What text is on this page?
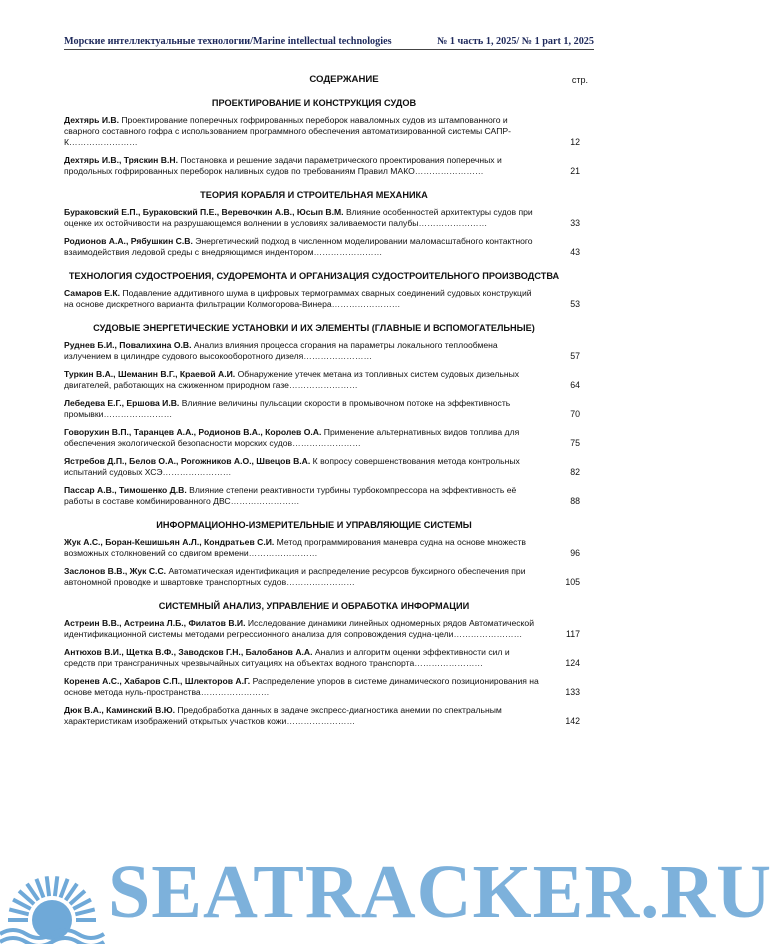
Морские интеллектуальные технологии/Marine intellectual technologies	№ 1 часть 1, 2025/ № 1 part 1, 2025
СОДЕРЖАНИЕ	стр.
ПРОЕКТИРОВАНИЕ И КОНСТРУКЦИЯ СУДОВ
Дехтярь И.В. Проектирование поперечных гофрированных переборок наваломных судов из штампованного и сварного составного гофра с использованием программного обеспечения автоматизированной системы САПР-К……………………	12
Дехтярь И.В., Тряскин В.Н. Постановка и решение задачи параметрического проектирования поперечных и продольных гофрированных переборок наливных судов по требованиям Правил МАКО……………………	21
ТЕОРИЯ КОРАБЛЯ И СТРОИТЕЛЬНАЯ МЕХАНИКА
Бураковский Е.П., Бураковский П.Е., Веревочкин А.В., Юсып В.М. Влияние особенностей архитектуры судов при оценке их остойчивости на разрушающемся волнении в условиях заливаемости палубы……………………	33
Родионов А.А., Рябушкин С.В. Энергетический подход в численном моделировании маломасштабного контактного взаимодействия ледовой среды с внедряющимся индентором……………………	43
ТЕХНОЛОГИЯ СУДОСТРОЕНИЯ, СУДОРЕМОНТА И ОРГАНИЗАЦИЯ СУДОСТРОИТЕЛЬНОГО ПРОИЗВОДСТВА
Самаров Е.К. Подавление аддитивного шума в цифровых термограммах сварных соединений судовых конструкций на основе дискретного варианта фильтрации Колмогорова-Винера……………………	53
СУДОВЫЕ ЭНЕРГЕТИЧЕСКИЕ УСТАНОВКИ И ИХ ЭЛЕМЕНТЫ (ГЛАВНЫЕ И ВСПОМОГАТЕЛЬНЫЕ)
Руднев Б.И., Повалихина О.В. Анализ влияния процесса сгорания на параметры локального теплообмена излучением в цилиндре судового высокооборотного дизеля……………………	57
Туркин В.А., Шеманин В.Г., Краевой А.И. Обнаружение утечек метана из топливных систем судовых дизельных двигателей, работающих на сжиженном природном газе……………………	64
Лебедева Е.Г., Ершова И.В. Влияние величины пульсации скорости в промывочном потоке на эффективность промывки……………………	70
Говорухин В.П., Таранцев А.А., Родионов В.А., Королев О.А. Применение альтернативных видов топлива для обеспечения экологической безопасности морских судов……………………	75
Ястребов Д.П., Белов О.А., Рогожников А.О., Швецов В.А. К вопросу совершенствования метода контрольных испытаний судовых ХСЭ……………………	82
Пассар А.В., Тимошенко Д.В. Влияние степени реактивности турбины турбокомпрессора на эффективность её работы в составе комбинированного ДВС……………………	88
ИНФОРМАЦИОННО-ИЗМЕРИТЕЛЬНЫЕ И УПРАВЛЯЮЩИЕ СИСТЕМЫ
Жук А.С., Боран-Кешишьян А.Л., Кондратьев С.И. Метод программирования маневра судна на основе множеств возможных столкновений со сдвигом времени……………………	96
Заслонов В.В., Жук С.С. Автоматическая идентификация и распределение ресурсов буксирного обеспечения при автономной проводке и швартовке транспортных судов……………………	105
СИСТЕМНЫЙ АНАЛИЗ, УПРАВЛЕНИЕ И ОБРАБОТКА ИНФОРМАЦИИ
Астреин В.В., Астреина Л.Б., Филатов В.И. Исследование динамики линейных одномерных рядов Автоматической идентификационной системы методами регрессионного анализа для сопровождения судна-цели……………………	117
Антюхов В.И., Щетка В.Ф., Заводсков Г.Н., Балобанов А.А. Анализ и алгоритм оценки эффективности сил и средств при трансграничных чрезвычайных ситуациях на объектах водного транспорта……………………	124
Коренев А.С., Хабаров С.П., Шлекторов А.Г. Распределение упоров в системе динамического позиционирования на основе метода нуль-пространства……………………	133
Дюк В.А., Каминский В.Ю. Предобработка данных в задаче экспресс-диагностика анемии по спектральным характеристикам изображений открытых участков кожи……………………	142
SEATRACKER.RU
